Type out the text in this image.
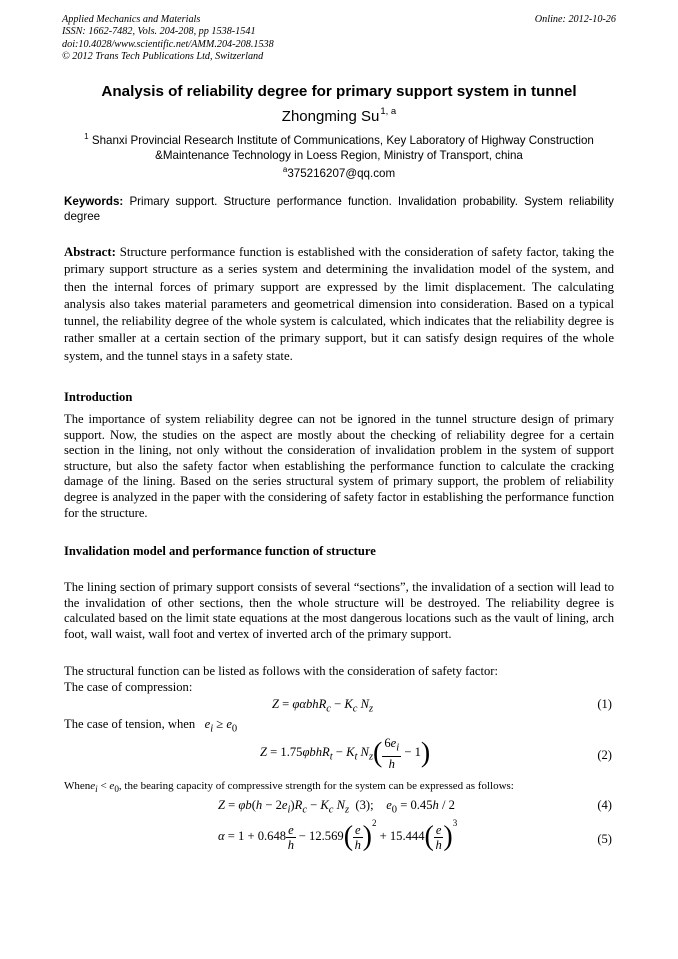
Applied Mechanics and Materials	Online: 2012-10-26
ISSN: 1662-7482, Vols. 204-208, pp 1538-1541
doi:10.4028/www.scientific.net/AMM.204-208.1538
© 2012 Trans Tech Publications Ltd, Switzerland
Analysis of reliability degree for primary support system in tunnel
Zhongming Su$^{1, a}$
$^1$ Shanxi Provincial Research Institute of Communications, Key Laboratory of Highway Construction
&Maintenance Technology in Loess Region, Ministry of Transport, china
$^a$375216207@qq.com
Keywords: Primary support. Structure performance function. Invalidation probability. System reliability degree
Abstract: Structure performance function is established with the consideration of safety factor, taking the primary support structure as a series system and determining the invalidation model of the system, and then the internal forces of primary support are expressed by the limit displacement. The calculating analysis also takes material parameters and geometrical dimension into consideration. Based on a typical tunnel, the reliability degree of the whole system is calculated, which indicates that the reliability degree is rather smaller at a certain section of the primary support, but it can satisfy design requires of the whole system, and the tunnel stays in a safety state.
Introduction
The importance of system reliability degree can not be ignored in the tunnel structure design of primary support. Now, the studies on the aspect are mostly about the checking of reliability degree for a certain section in the lining, not only without the consideration of invalidation problem in the system of support structure, but also the safety factor when establishing the performance function to calculate the cracking damage of the lining. Based on the series structural system of primary support, the problem of reliability degree is analyzed in the paper with the considering of safety factor in establishing the performance function for the structure.
Invalidation model and performance function of structure
The lining section of primary support consists of several “sections”, the invalidation of a section will lead to the invalidation of other sections, then the whole structure will be destroyed. The reliability degree is calculated based on the limit state equations at the most dangerous locations such as the vault of lining, arch foot, wall waist, wall foot and vertex of inverted arch of the primary support.
The structural function can be listed as follows with the consideration of safety factor:
The case of compression:
$Z = \varphi\alpha bhR_c - K_c$ $N_z$	(1)
The case of tension, when $e_i \ge e_0$
$Z = 1.75\varphi bhR_t - K_t$ $N_z( \frac{6e_i}{h} - 1)$	(2)
Whene$_i$ < $e_0$, the bearing capacity of compressive strength for the system can be expressed as follows:
$Z = \varphi b(h - 2e_i)R_c - K_c$ $N_z$ (3); $e_0 = 0.45h / 2$	(4)
$\alpha = 1 + 0.648 \frac{e}{h} - 12.569( \frac{e}{h} )^2 + 15.444( \frac{e}{h} )^3$
(5)
